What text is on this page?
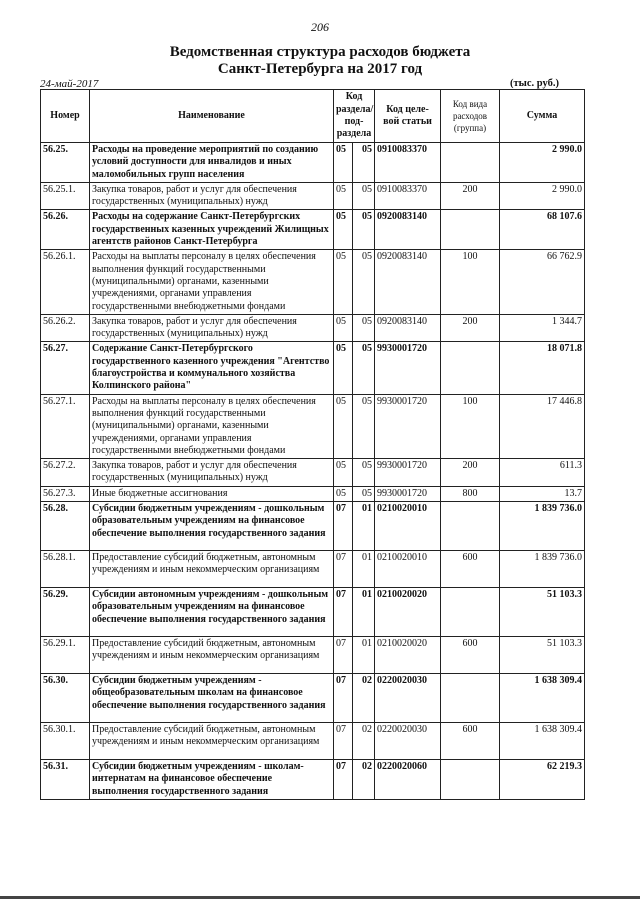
206
Ведомственная структура расходов бюджета
Санкт-Петербурга на 2017 год
24-май-2017	(тыс. руб.)
Номер	Наименование	Код раздела/ под- раздела		Код целе- вой статьи	Код вида расходов (группа)	Сумма
56.25.	Расходы на проведение мероприятий по созданию условий доступности для инвалидов и иных маломобильных групп населения	05	05	0910083370		2 990.0
56.25.1.	Закупка товаров, работ и услуг для обеспечения государственных (муниципальных) нужд	05	05	0910083370	200	2 990.0
56.26.	Расходы на содержание Санкт-Петербургских государственных казенных учреждений Жилищных агентств районов Санкт-Петербурга	05	05	0920083140		68 107.6
56.26.1.	Расходы на выплаты персоналу в целях обеспечения выполнения функций государственными (муниципальными) органами, казенными учреждениями, органами управления государственными внебюджетными фондами	05	05	0920083140	100	66 762.9
56.26.2.	Закупка товаров, работ и услуг для обеспечения государственных (муниципальных) нужд	05	05	0920083140	200	1 344.7
56.27.	Содержание Санкт-Петербургского государственного казенного учреждения "Агентство благоустройства и коммунального хозяйства Колпинского района"	05	05	9930001720		18 071.8
56.27.1.	Расходы на выплаты персоналу в целях обеспечения выполнения функций государственными (муниципальными) органами, казенными учреждениями, органами управления государственными внебюджетными фондами	05	05	9930001720	100	17 446.8
56.27.2.	Закупка товаров, работ и услуг для обеспечения государственных (муниципальных) нужд	05	05	9930001720	200	611.3
56.27.3.	Иные бюджетные ассигнования	05	05	9930001720	800	13.7
56.28.	Субсидии бюджетным учреждениям - дошкольным образовательным учреждениям на финансовое обеспечение выполнения государственного задания	07	01	0210020010		1 839 736.0
56.28.1.	Предоставление субсидий бюджетным, автономным учреждениям и иным некоммерческим организациям	07	01	0210020010	600	1 839 736.0
56.29.	Субсидии автономным учреждениям - дошкольным образовательным учреждениям на финансовое обеспечение выполнения государственного задания	07	01	0210020020		51 103.3
56.29.1.	Предоставление субсидий бюджетным, автономным учреждениям и иным некоммерческим организациям	07	01	0210020020	600	51 103.3
56.30.	Субсидии бюджетным учреждениям - общеобразовательным школам на финансовое обеспечение выполнения государственного задания	07	02	0220020030		1 638 309.4
56.30.1.	Предоставление субсидий бюджетным, автономным учреждениям и иным некоммерческим организациям	07	02	0220020030	600	1 638 309.4
56.31.	Субсидии бюджетным учреждениям - школам-интернатам на финансовое обеспечение выполнения государственного задания	07	02	0220020060		62 219.3
